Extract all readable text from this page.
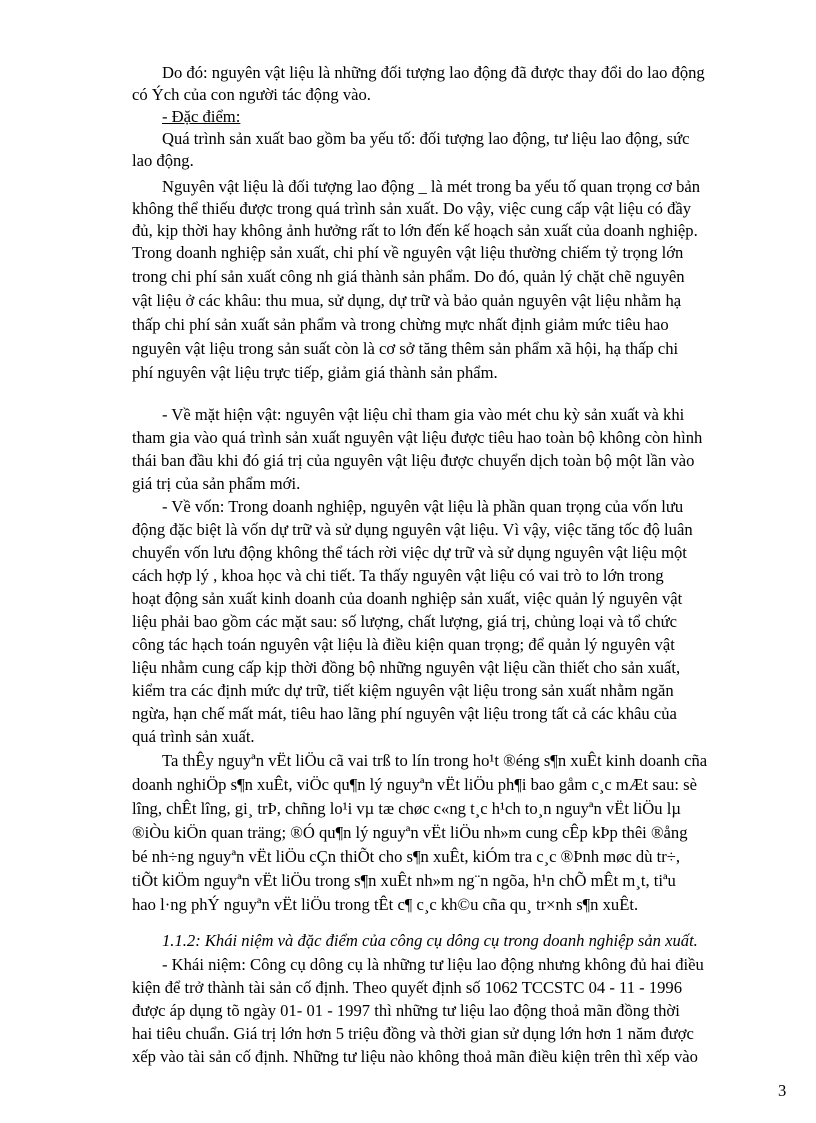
Do đó: nguyên vật liệu là những đối tượng lao động đã được thay đổi do lao động
có Ých của con người tác động vào.
- Đặc điểm:
Quá trình sản xuất bao gồm ba yếu tố: đối tượng lao động, tư liệu lao động, sức
lao động.
Nguyên vật liệu là đối tượng lao động _ là mét trong ba yếu tố quan trọng cơ bản
không thể thiếu được trong quá trình sản xuất. Do vậy, việc cung cấp vật liệu có đầy
đủ, kịp thời hay không ảnh hưởng rất to lớn đến kế hoạch sản xuất của doanh nghiệp.
Trong doanh nghiệp sản xuất, chi phí về nguyên vật liệu thường chiếm tỷ trọng lớn
trong chi phí sản xuất công nh giá thành sản phẩm. Do đó, quản lý chặt chẽ nguyên
vật liệu ở các khâu: thu mua, sử dụng, dự trữ và bảo quản nguyên vật liệu nhằm hạ
thấp chi phí sản xuất sản phẩm và trong chừng mực nhất định giảm mức tiêu hao
nguyên vật liệu trong sản suất còn là cơ sở tăng thêm sản phẩm xã hội, hạ thấp chi
phí nguyên vật liệu trực tiếp, giảm giá thành sản phẩm.
- Về mặt hiện vật: nguyên vật liệu chỉ tham gia vào mét chu kỳ sản xuất và khi
tham gia vào quá trình sản xuất nguyên vật liệu được tiêu hao toàn bộ không còn hình
thái ban đầu khi đó giá trị của nguyên vật liệu được chuyển dịch toàn bộ một lần vào
giá trị của sản phẩm mới.
- Về vốn: Trong doanh nghiệp, nguyên vật liệu là phần quan trọng của vốn lưu
động đặc biệt là vốn dự trữ và sử dụng nguyên vật liệu. Vì vậy, việc tăng tốc độ luân
chuyển vốn lưu động không thể tách rời việc dự trữ và sử dụng nguyên vật liệu một
cách hợp lý , khoa học và chi tiết. Ta thấy nguyên vật liệu có vai trò to lớn trong
hoạt động sản xuất kinh doanh của doanh nghiệp sản xuất, việc quản lý nguyên vật
liệu phải bao gồm các mặt sau: số lượng, chất lượng, giá trị, chủng loại và tổ chức
công tác hạch toán nguyên vật liệu là điều kiện quan trọng; để quản lý nguyên vật
liệu nhằm cung cấp kịp thời đồng bộ những nguyên vật liệu cần thiết cho sản xuất,
kiểm tra các định mức dự trữ, tiết kiệm nguyên vật liệu trong sản xuất nhằm ngăn
ngừa, hạn chế mất mát, tiêu hao lãng phí nguyên vật liệu trong tất cả các khâu của
quá trình sản xuất.
Ta thÊy nguyªn vËt liÖu cã vai trß to lín trong ho¹t ®éng s¶n xuÊt kinh doanh cña
doanh nghiÖp s¶n xuÊt, viÖc qu¶n lý nguyªn vËt liÖu ph¶i bao gåm c¸c mÆt sau: sè
lîng, chÊt lîng, gi¸ trÞ, chñng lo¹i vµ tæ chøc c«ng t¸c h¹ch to¸n nguyªn vËt liÖu lµ
®iÒu kiÖn quan träng; ®Ó qu¶n lý nguyªn vËt liÖu nh»m cung cÊp kÞp thêi ®ång
bé nh÷ng nguyªn vËt liÖu cÇn thiÕt cho s¶n xuÊt, kiÓm tra c¸c ®Þnh møc dù tr÷,
tiÕt kiÖm nguyªn vËt liÖu trong s¶n xuÊt nh»m ng¨n ngõa, h¹n chÕ mÊt m¸t, tiªu
hao l·ng phÝ nguyªn vËt liÖu trong tÊt c¶ c¸c kh©u cña qu¸ tr×nh s¶n xuÊt.
1.1.2: Khái niệm và đặc điểm của công cụ dông cụ trong doanh nghiệp sản xuất.
- Khái niệm: Công cụ dông cụ là những tư liệu lao động nhưng không đủ hai điều
kiện để trở thành tài sản cố định. Theo quyết định số 1062 TCCSTC 04 - 11 - 1996
được áp dụng tõ ngày 01- 01 - 1997 thì những tư liệu lao động thoả mãn đồng thời
hai tiêu chuẩn. Giá trị lớn hơn 5 triệu đồng và thời gian sử dụng lớn hơn 1 năm được
xếp vào tài sản cố định. Những tư liệu nào không thoả mãn điều kiện trên thì xếp vào
3
